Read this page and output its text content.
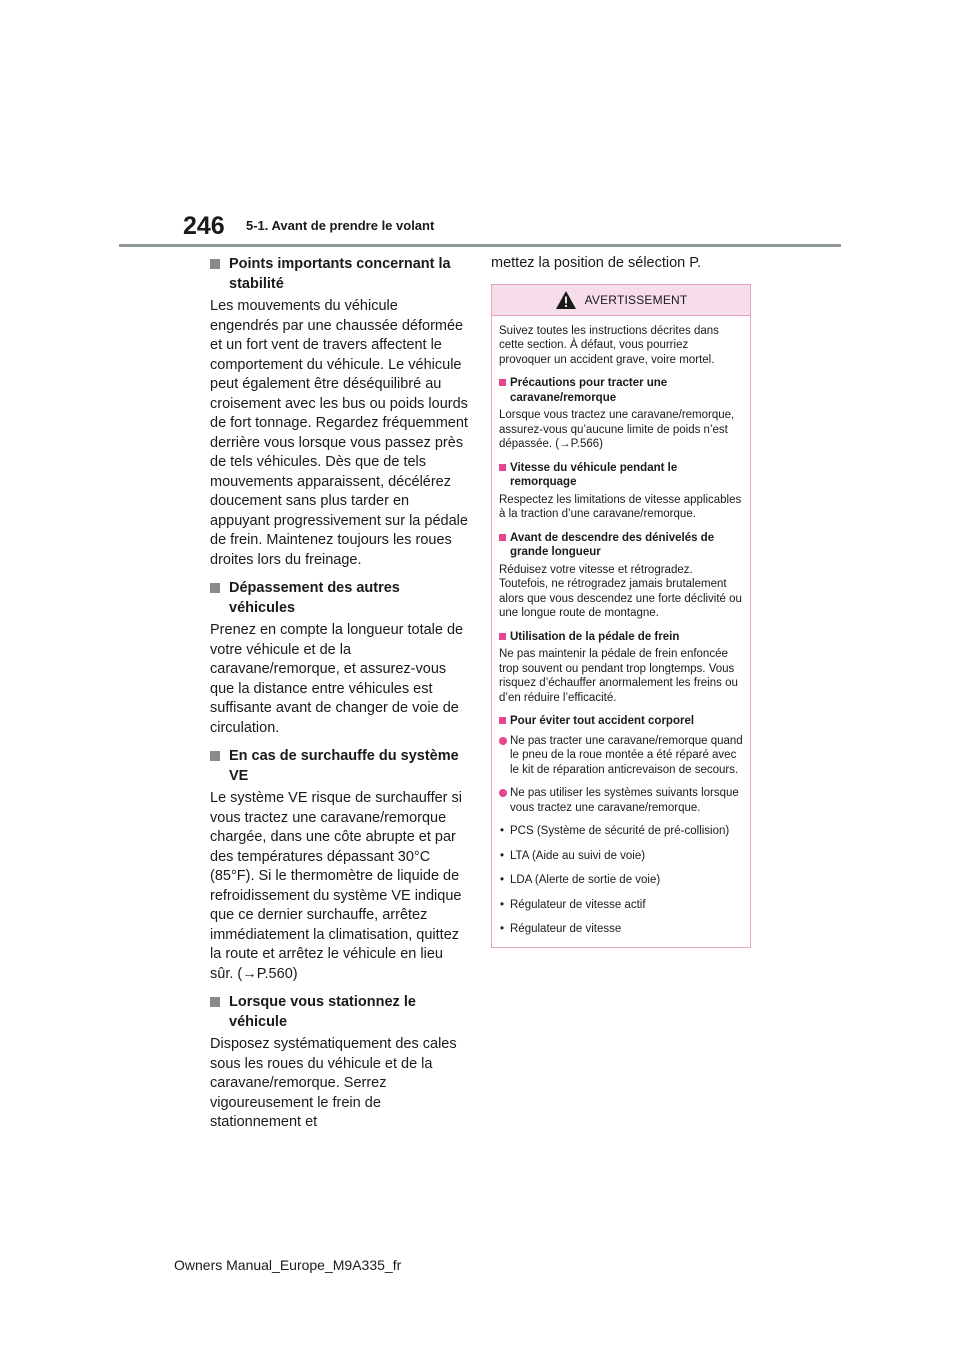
246 5-1. Avant de prendre le volant
Points importants concernant la stabilité

Les mouvements du véhicule engendrés par une chaussée déformée et un fort vent de travers affectent le comportement du véhicule. Le véhicule peut également être déséquilibré au croisement avec les bus ou poids lourds de fort tonnage. Regardez fréquemment derrière vous lorsque vous passez près de tels véhicules. Dès que de tels mouvements apparaissent, décélérez doucement sans plus tarder en appuyant progressivement sur la pédale de frein. Maintenez toujours les roues droites lors du freinage.

Dépassement des autres véhicules

Prenez en compte la longueur totale de votre véhicule et de la caravane/remorque, et assurez-vous que la distance entre véhicules est suffisante avant de changer de voie de circulation.

En cas de surchauffe du système VE

Le système VE risque de surchauffer si vous tractez une caravane/remorque chargée, dans une côte abrupte et par des températures dépassant 30°C (85°F). Si le thermomètre de liquide de refroidissement du système VE indique que ce dernier surchauffe, arrêtez immédiatement la climatisation, quittez la route et arrêtez le véhicule en lieu sûr. (→P.560)

Lorsque vous stationnez le véhicule

Disposez systématiquement des cales sous les roues du véhicule et de la caravane/remorque. Serrez vigoureusement le frein de stationnement et

mettez la position de sélection P.

AVERTISSEMENT

Suivez toutes les instructions décrites dans cette section. À défaut, vous pourriez provoquer un accident grave, voire mortel.

Précautions pour tracter une caravane/remorque

Lorsque vous tractez une caravane/remorque, assurez-vous qu’aucune limite de poids n’est dépassée. (→P.566)

Vitesse du véhicule pendant le remorquage

Respectez les limitations de vitesse applicables à la traction d’une caravane/remorque.

Avant de descendre des dénivelés de grande longueur

Réduisez votre vitesse et rétrogradez. Toutefois, ne rétrogradez jamais brutalement alors que vous descendez une forte déclivité ou une longue route de montagne.

Utilisation de la pédale de frein

Ne pas maintenir la pédale de frein enfoncée trop souvent ou pendant trop longtemps. Vous risquez d’échauffer anormalement les freins ou d’en réduire l’efficacité.

Pour éviter tout accident corporel
Ne pas tracter une caravane/remorque quand le pneu de la roue montée a été réparé avec le kit de réparation anticrevaison de secours.
Ne pas utiliser les systèmes suivants lorsque vous tractez une caravane/remorque.
• PCS (Système de sécurité de pré-collision)
• LTA (Aide au suivi de voie)
• LDA (Alerte de sortie de voie)
• Régulateur de vitesse actif
• Régulateur de vitesse
Owners Manual_Europe_M9A335_fr
